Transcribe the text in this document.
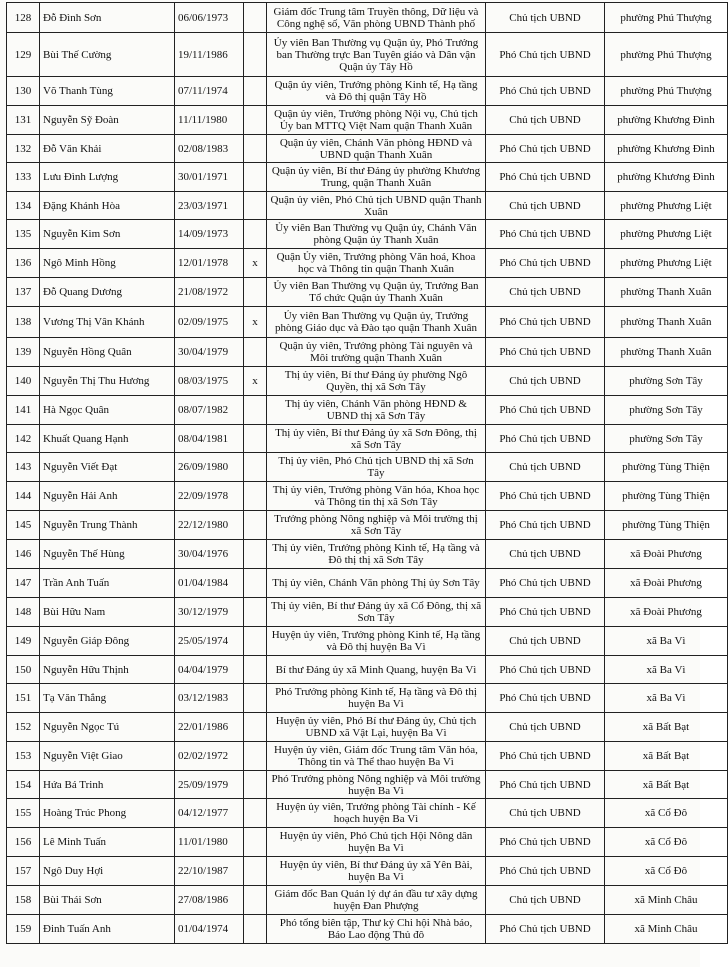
128	Đỗ Đình Sơn	06/06/1973		Giám đốc Trung tâm Truyền thông, Dữ liệu và Công nghệ số, Văn phòng UBND Thành phố	Chủ tịch UBND	phường Phú Thượng
129	Bùi Thế Cường	19/11/1986		Ủy viên Ban Thường vụ Quận ủy, Phó Trưởng ban Thường trực Ban Tuyên giáo và Dân vận Quận ủy Tây Hồ	Phó Chủ tịch UBND	phường Phú Thượng
130	Võ Thanh Tùng	07/11/1974		Quận ủy viên, Trưởng phòng Kinh tế, Hạ tầng và Đô thị quận Tây Hồ	Phó Chủ tịch UBND	phường Phú Thượng
131	Nguyễn Sỹ Đoàn	11/11/1980		Quận ủy viên, Trưởng phòng Nội vụ, Chủ tịch Ủy ban MTTQ Việt Nam quận Thanh Xuân	Chủ tịch UBND	phường Khương Đình
132	Đỗ Văn Khải	02/08/1983		Quận ủy viên, Chánh Văn phòng HĐND và UBND quận Thanh Xuân	Phó Chủ tịch UBND	phường Khương Đình
133	Lưu Đình Lượng	30/01/1971		Quận ủy viên, Bí thư Đảng ủy phường Khương Trung, quận Thanh Xuân	Phó Chủ tịch UBND	phường Khương Đình
134	Đặng Khánh Hòa	23/03/1971		Quận ủy viên, Phó Chủ tịch UBND quận Thanh Xuân	Chủ tịch UBND	phường Phương Liệt
135	Nguyễn Kim Sơn	14/09/1973		Ủy viên Ban Thường vụ Quận ủy, Chánh Văn phòng Quận ủy Thanh Xuân	Phó Chủ tịch UBND	phường Phương Liệt
136	Ngô Minh Hồng	12/01/1978	x	Quận Ủy viên, Trưởng phòng Văn hoá, Khoa học và Thông tin quận Thanh Xuân	Phó Chủ tịch UBND	phường Phương Liệt
137	Đỗ Quang Dương	21/08/1972		Ủy viên Ban Thường vụ Quận ủy, Trưởng Ban Tổ chức Quận ủy Thanh Xuân	Chủ tịch UBND	phường Thanh Xuân
138	Vương Thị Vân Khánh	02/09/1975	x	Ủy viên Ban Thường vụ Quận ủy, Trưởng phòng Giáo dục và Đào tạo quận Thanh Xuân	Phó Chủ tịch UBND	phường Thanh Xuân
139	Nguyễn Hồng Quân	30/04/1979		Quận ủy viên, Trưởng phòng Tài nguyên và Môi trường quận Thanh Xuân	Phó Chủ tịch UBND	phường Thanh Xuân
140	Nguyễn Thị Thu Hương	08/03/1975	x	Thị ủy viên, Bí thư Đảng ủy phường Ngô Quyền, thị xã Sơn Tây	Chủ tịch UBND	phường Sơn Tây
141	Hà Ngọc Quân	08/07/1982		Thị ủy viên, Chánh Văn phòng HĐND & UBND thị xã Sơn Tây	Phó Chủ tịch UBND	phường Sơn Tây
142	Khuất Quang Hạnh	08/04/1981		Thị ủy viên, Bí thư Đảng ủy xã Sơn Đông, thị xã Sơn Tây	Phó Chủ tịch UBND	phường Sơn Tây
143	Nguyễn Viết Đạt	26/09/1980		Thị ủy viên, Phó Chủ tịch UBND thị xã Sơn Tây	Chủ tịch UBND	phường Tùng Thiện
144	Nguyễn Hải Anh	22/09/1978		Thị ủy viên, Trưởng phòng Văn hóa, Khoa học và Thông tin thị xã Sơn Tây	Phó Chủ tịch UBND	phường Tùng Thiện
145	Nguyễn Trung Thành	22/12/1980		Trưởng phòng Nông nghiệp và Môi trường thị xã Sơn Tây	Phó Chủ tịch UBND	phường Tùng Thiện
146	Nguyễn Thế Hùng	30/04/1976		Thị ủy viên, Trưởng phòng Kinh tế, Hạ tầng và Đô thị thị xã Sơn Tây	Chủ tịch UBND	xã Đoài Phương
147	Trần Anh Tuấn	01/04/1984		Thị ủy viên, Chánh Văn phòng Thị ủy Sơn Tây	Phó Chủ tịch UBND	xã Đoài Phương
148	Bùi Hữu Nam	30/12/1979		Thị ủy viên, Bí thư Đảng ủy xã Cổ Đông, thị xã Sơn Tây	Phó Chủ tịch UBND	xã Đoài Phương
149	Nguyễn Giáp Đông	25/05/1974		Huyện ủy viên, Trưởng phòng Kinh tế, Hạ tầng và Đô thị huyện Ba Vì	Chủ tịch UBND	xã Ba Vì
150	Nguyễn Hữu Thịnh	04/04/1979		Bí thư Đảng ủy xã Minh Quang, huyện Ba Vì	Phó Chủ tịch UBND	xã Ba Vì
151	Tạ Văn Thắng	03/12/1983		Phó Trưởng phòng Kinh tế, Hạ tầng và Đô thị huyện Ba Vì	Phó Chủ tịch UBND	xã Ba Vì
152	Nguyễn Ngọc Tú	22/01/1986		Huyện ủy viên, Phó Bí thư Đảng ủy, Chủ tịch UBND xã Vật Lại, huyện Ba Vì	Chủ tịch UBND	xã Bất Bạt
153	Nguyễn Việt Giao	02/02/1972		Huyện ủy viên, Giám đốc Trung tâm Văn hóa, Thông tin và Thể thao huyện Ba Vì	Phó Chủ tịch UBND	xã Bất Bạt
154	Hứa Bá Trinh	25/09/1979		Phó Trưởng phòng Nông nghiệp và Môi trường huyện Ba Vì	Phó Chủ tịch UBND	xã Bất Bạt
155	Hoàng Trúc Phong	04/12/1977		Huyện ủy viên, Trưởng phòng Tài chính - Kế hoạch huyện Ba Vì	Chủ tịch UBND	xã Cổ Đô
156	Lê Minh Tuấn	11/01/1980		Huyện ủy viên, Phó Chủ tịch Hội Nông dân huyện Ba Vì	Phó Chủ tịch UBND	xã Cổ Đô
157	Ngô Duy Hợi	22/10/1987		Huyện ủy viên, Bí thư Đảng ủy xã Yên Bài, huyện Ba Vì	Phó Chủ tịch UBND	xã Cổ Đô
158	Bùi Thái Sơn	27/08/1986		Giám đốc Ban Quản lý dự án đầu tư xây dựng huyện Đan Phượng	Chủ tịch UBND	xã Minh Châu
159	Đinh Tuấn Anh	01/04/1974		Phó tổng biên tập, Thư ký Chi hội Nhà báo, Báo Lao động Thủ đô	Phó Chủ tịch UBND	xã Minh Châu
